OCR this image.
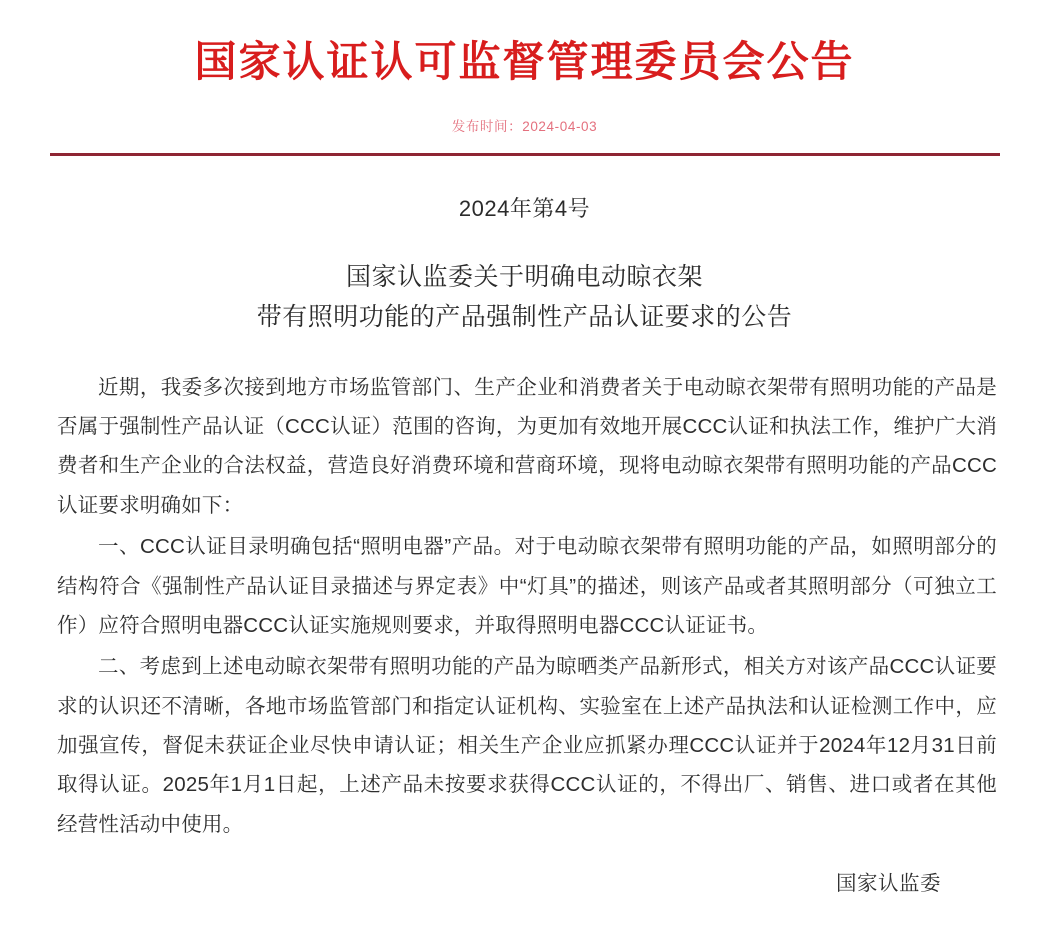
国家认证认可监督管理委员会公告
发布时间：2024-04-03
2024年第4号
国家认监委关于明确电动晾衣架
带有照明功能的产品强制性产品认证要求的公告

近期，我委多次接到地方市场监管部门、生产企业和消费者关于电动晾衣架带有照明功能的产品是否属于强制性产品认证（CCC认证）范围的咨询，为更加有效地开展CCC认证和执法工作，维护广大消费者和生产企业的合法权益，营造良好消费环境和营商环境，现将电动晾衣架带有照明功能的产品CCC认证要求明确如下：

一、CCC认证目录明确包括“照明电器”产品。对于电动晾衣架带有照明功能的产品，如照明部分的结构符合《强制性产品认证目录描述与界定表》中“灯具”的描述，则该产品或者其照明部分（可独立工作）应符合照明电器CCC认证实施规则要求，并取得照明电器CCC认证证书。

二、考虑到上述电动晾衣架带有照明功能的产品为晾晒类产品新形式，相关方对该产品CCC认证要求的认识还不清晰，各地市场监管部门和指定认证机构、实验室在上述产品执法和认证检测工作中，应加强宣传，督促未获证企业尽快申请认证；相关生产企业应抓紧办理CCC认证并于2024年12月31日前取得认证。2025年1月1日起，上述产品未按要求获得CCC认证的，不得出厂、销售、进口或者在其他经营性活动中使用。

国家认监委
